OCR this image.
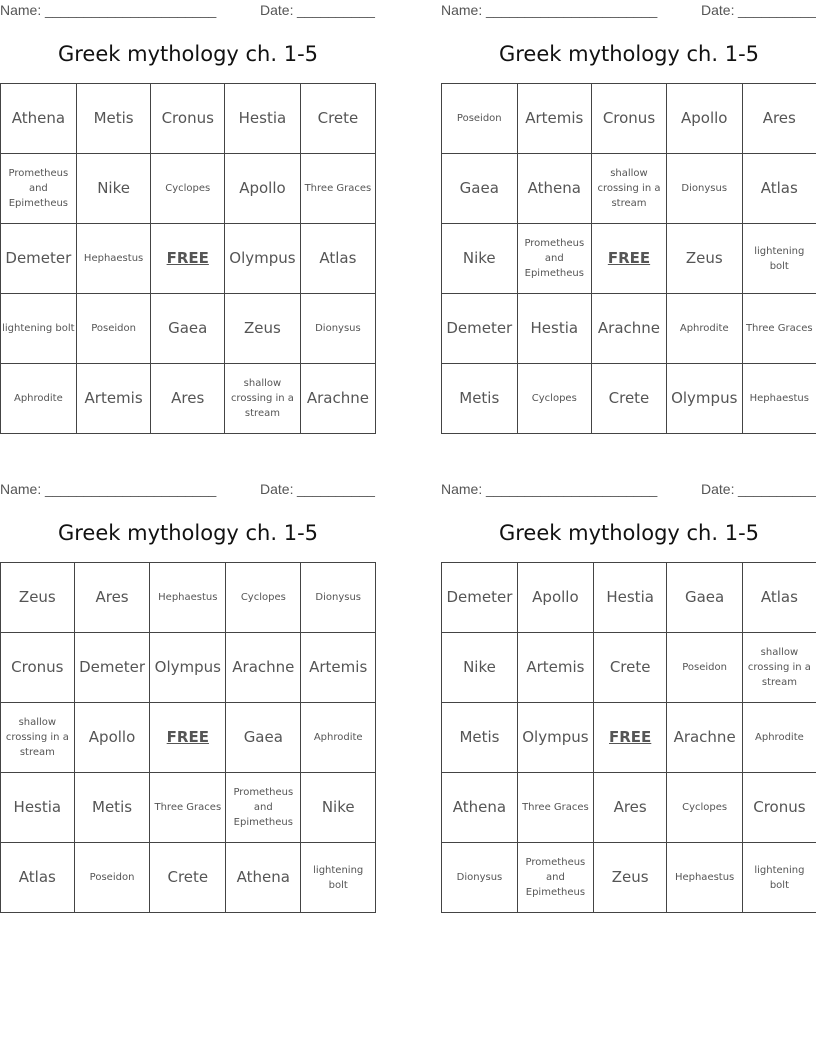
Name: ______________________	Date: __________
Greek mythology ch. 1-5
Athena	Metis	Cronus	Hestia	Crete
Prometheus and Epimetheus	Nike	Cyclopes	Apollo	Three Graces
Demeter	Hephaestus	FREE	Olympus	Atlas
lightening bolt	Poseidon	Gaea	Zeus	Dionysus
Aphrodite	Artemis	Ares	shallow crossing in a stream	Arachne
Name: ______________________	Date: __________
Greek mythology ch. 1-5
Poseidon	Artemis	Cronus	Apollo	Ares
Gaea	Athena	shallow crossing in a stream	Dionysus	Atlas
Nike	Prometheus and Epimetheus	FREE	Zeus	lightening bolt
Demeter	Hestia	Arachne	Aphrodite	Three Graces
Metis	Cyclopes	Crete	Olympus	Hephaestus
Name: ______________________	Date: __________
Greek mythology ch. 1-5
Zeus	Ares	Hephaestus	Cyclopes	Dionysus
Cronus	Demeter	Olympus	Arachne	Artemis
shallow crossing in a stream	Apollo	FREE	Gaea	Aphrodite
Hestia	Metis	Three Graces	Prometheus and Epimetheus	Nike
Atlas	Poseidon	Crete	Athena	lightening bolt
Name: ______________________	Date: __________
Greek mythology ch. 1-5
Demeter	Apollo	Hestia	Gaea	Atlas
Nike	Artemis	Crete	Poseidon	shallow crossing in a stream
Metis	Olympus	FREE	Arachne	Aphrodite
Athena	Three Graces	Ares	Cyclopes	Cronus
Dionysus	Prometheus and Epimetheus	Zeus	Hephaestus	lightening bolt
